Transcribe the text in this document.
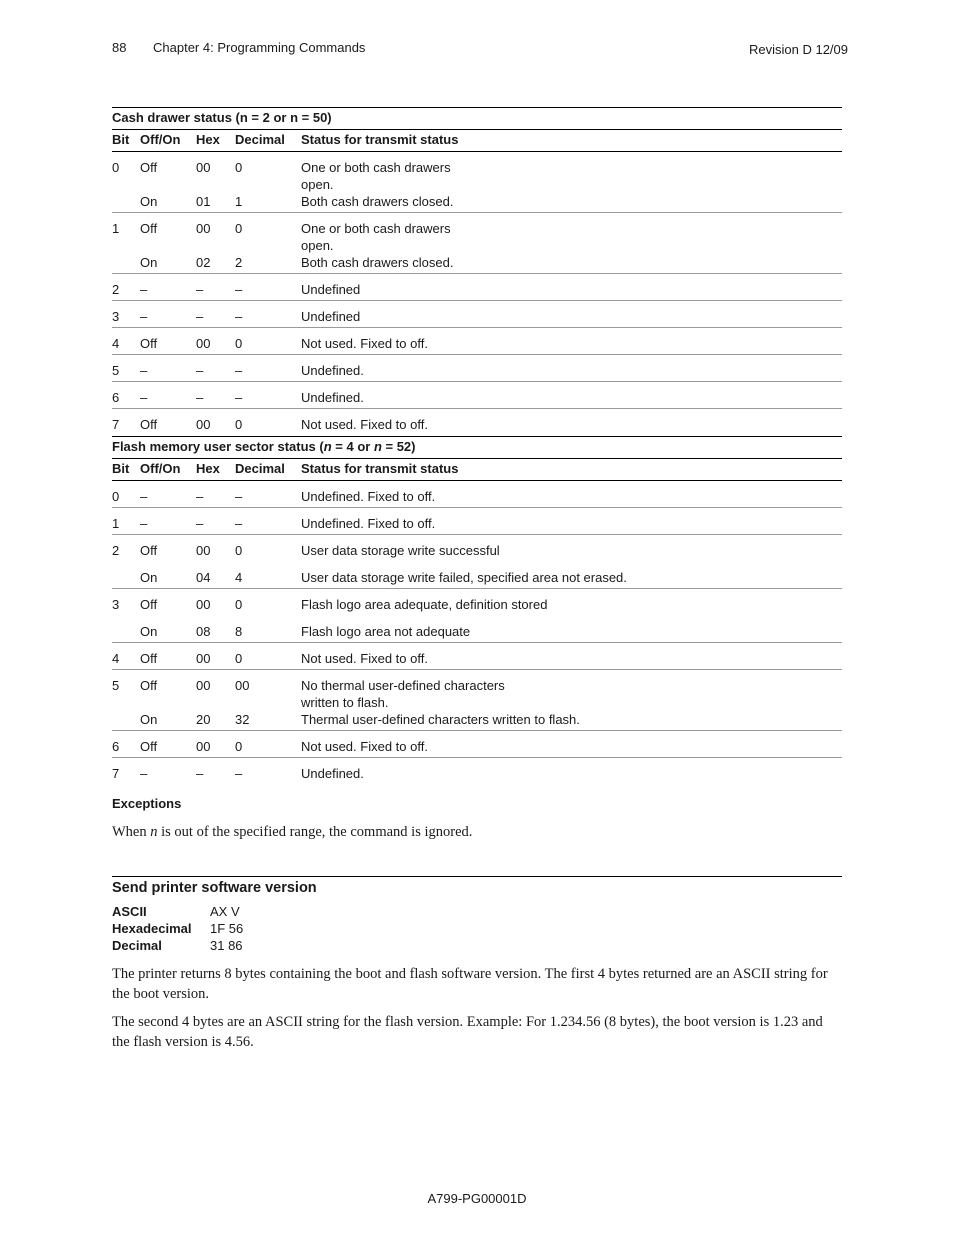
88 Chapter 4: Programming Commands	Revision D 12/09
Cash drawer status (n = 2 or n = 50)
Bit Off/On Hex Decimal Status for transmit status
0 Off	00 0	One or both cash drawers
open.
On	01 1	Both cash drawers closed.
1 Off	00 0	One or both cash drawers
open.
On	02 2	Both cash drawers closed.
2 –	– –	Undefined
3 –	– –	Undefined
4 Off	00 0	Not used. Fixed to off.
5 –	– –	Undefined.
6 –	– –	Undefined.
7 Off	00 0	Not used. Fixed to off.
Flash memory user sector status (n = 4 or n = 52)
Bit Off/On Hex Decimal Status for transmit status
0 –	– –	Undefined. Fixed to off.
1 –	– –	Undefined. Fixed to off.
2 Off	00 0	User data storage write successful
On	04 4	User data storage write failed, specified area not erased.
3 Off	00 0	Flash logo area adequate, definition stored
On	08 8	Flash logo area not adequate
4 Off	00 0	Not used. Fixed to off.
5 Off	00 00	No thermal user-defined characters
written to flash.
On	20 32	Thermal user-defined characters written to flash.
6 Off	00 0	Not used. Fixed to off.
7 –	– –	Undefined.
Exceptions
When n is out of the specified range, the command is ignored.
Send printer software version
ASCII	AX V
Hexadecimal 1F 56
Decimal	31 86
The printer returns 8 bytes containing the boot and flash software version. The first 4 bytes returned are an ASCII string for the boot version.
The second 4 bytes are an ASCII string for the flash version. Example: For 1.234.56 (8 bytes), the boot version is 1.23 and the flash version is 4.56.
A799-PG00001D
